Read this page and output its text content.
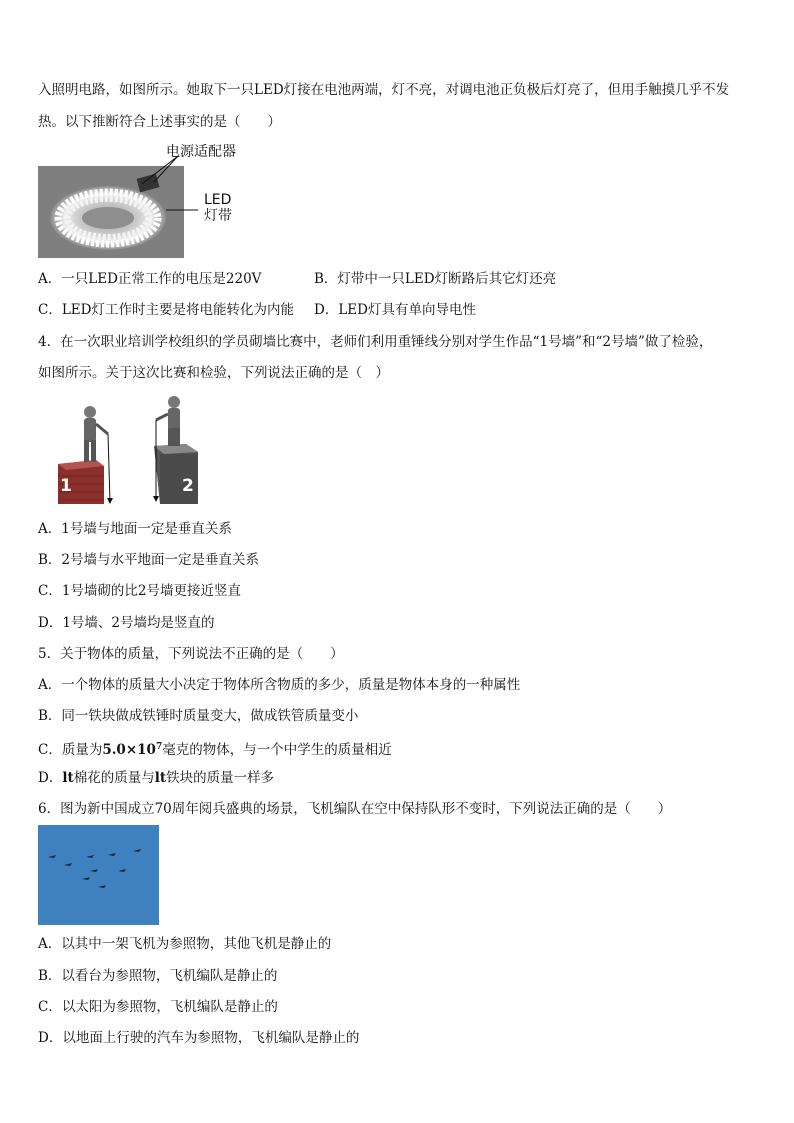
入照明电路，如图所示。她取下一只LED灯接在电池两端，灯不亮，对调电池正负极后灯亮了，但用手触摸几乎不发
热。以下推断符合上述事实的是（　　）
电源适配器
LED
灯带
A．一只LED正常工作的电压是220V	B．灯带中一只LED灯断路后其它灯还亮
C．LED灯工作时主要是将电能转化为内能 D．LED灯具有单向导电性
4．在一次职业培训学校组织的学员砌墙比赛中，老师们利用重锤线分别对学生作品“1号墙”和“2号墙”做了检验，
如图所示。关于这次比赛和检验，下列说法正确的是（　）
1	2
A．1号墙与地面一定是垂直关系
B．2号墙与水平地面一定是垂直关系
C．1号墙砌的比2号墙更接近竖直
D．1号墙、2号墙均是竖直的
5．关于物体的质量，下列说法不正确的是（　　）
A．一个物体的质量大小决定于物体所含物质的多少，质量是物体本身的一种属性
B．同一铁块做成铁锤时质量变大，做成铁管质量变小
C．质量为$5.0\times 10^7$毫克的物体，与一个中学生的质量相近
D．lt棉花的质量与lt铁块的质量一样多
6．图为新中国成立70周年阅兵盛典的场景，飞机编队在空中保持队形不变时，下列说法正确的是（　　）
A．以其中一架飞机为参照物，其他飞机是静止的
B．以看台为参照物，飞机编队是静止的
C．以太阳为参照物，飞机编队是静止的
D．以地面上行驶的汽车为参照物，飞机编队是静止的
